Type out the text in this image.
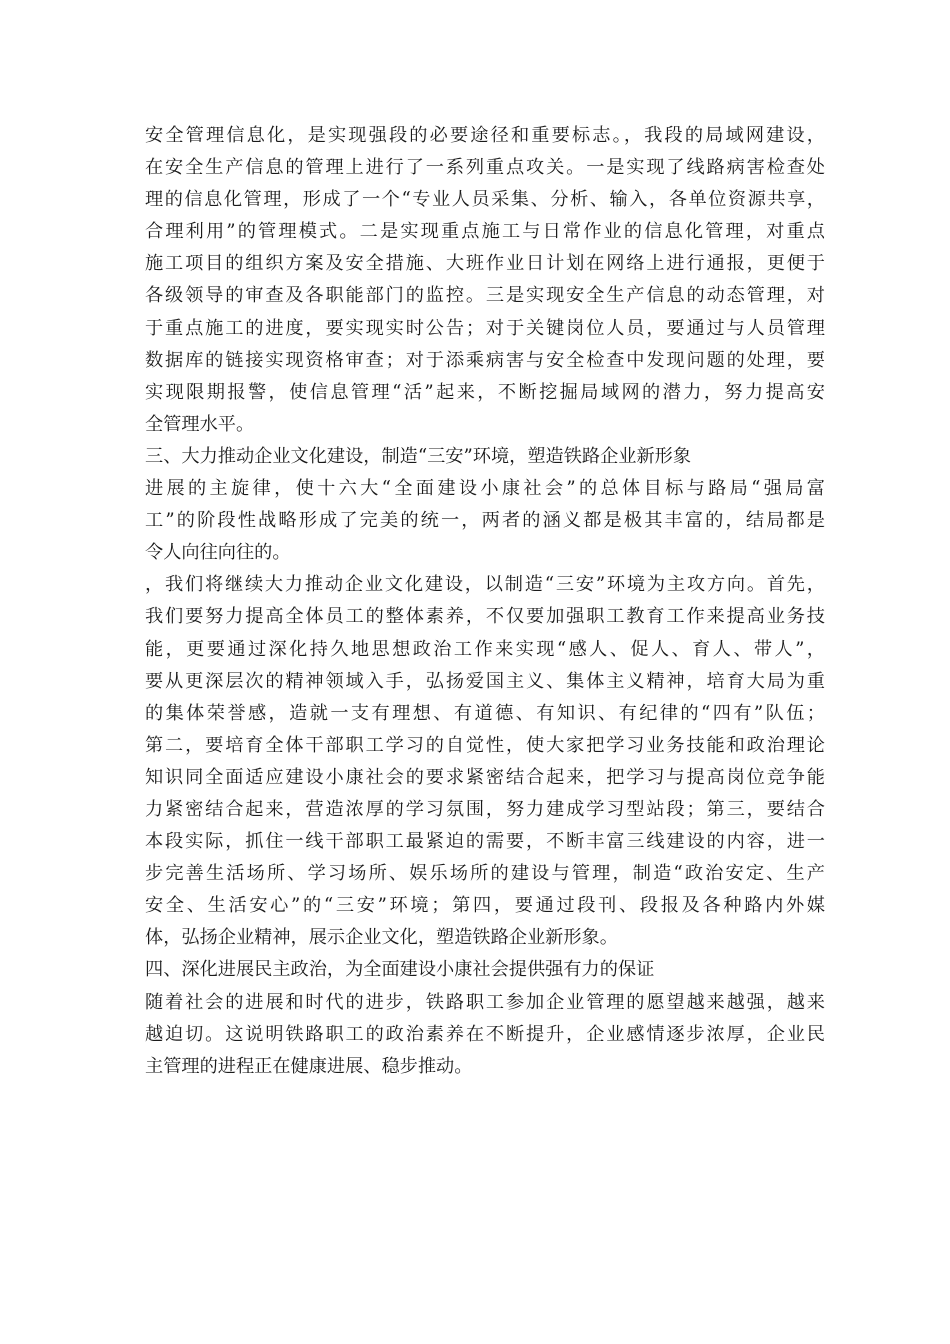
安全管理信息化，是实现强段的必要途径和重要标志。，我段的局域网建设，
在安全生产信息的管理上进行了一系列重点攻关。一是实现了线路病害检查处
理的信息化管理，形成了一个“专业人员采集、分析、输入，各单位资源共享，
合理利用”的管理模式。二是实现重点施工与日常作业的信息化管理，对重点
施工项目的组织方案及安全措施、大班作业日计划在网络上进行通报，更便于
各级领导的审查及各职能部门的监控。三是实现安全生产信息的动态管理，对
于重点施工的进度，要实现实时公告；对于关键岗位人员，要通过与人员管理
数据库的链接实现资格审查；对于添乘病害与安全检查中发现问题的处理，要
实现限期报警，使信息管理“活”起来，不断挖掘局域网的潜力，努力提高安
全管理水平。
三、大力推动企业文化建设，制造“三安”环境，塑造铁路企业新形象
进展的主旋律，使十六大“全面建设小康社会”的总体目标与路局“强局富
工”的阶段性战略形成了完美的统一，两者的涵义都是极其丰富的，结局都是
令人向往向往的。
，我们将继续大力推动企业文化建设，以制造“三安”环境为主攻方向。首先，
我们要努力提高全体员工的整体素养，不仅要加强职工教育工作来提高业务技
能，更要通过深化持久地思想政治工作来实现“感人、促人、育人、带人”，
要从更深层次的精神领域入手，弘扬爱国主义、集体主义精神，培育大局为重
的集体荣誉感，造就一支有理想、有道德、有知识、有纪律的“四有”队伍；
第二，要培育全体干部职工学习的自觉性，使大家把学习业务技能和政治理论
知识同全面适应建设小康社会的要求紧密结合起来，把学习与提高岗位竞争能
力紧密结合起来，营造浓厚的学习氛围，努力建成学习型站段；第三，要结合
本段实际，抓住一线干部职工最紧迫的需要，不断丰富三线建设的内容，进一
步完善生活场所、学习场所、娱乐场所的建设与管理，制造“政治安定、生产
安全、生活安心”的“三安”环境；第四，要通过段刊、段报及各种路内外媒
体，弘扬企业精神，展示企业文化，塑造铁路企业新形象。
四、深化进展民主政治，为全面建设小康社会提供强有力的保证
随着社会的进展和时代的进步，铁路职工参加企业管理的愿望越来越强，越来
越迫切。这说明铁路职工的政治素养在不断提升，企业感情逐步浓厚，企业民
主管理的进程正在健康进展、稳步推动。
